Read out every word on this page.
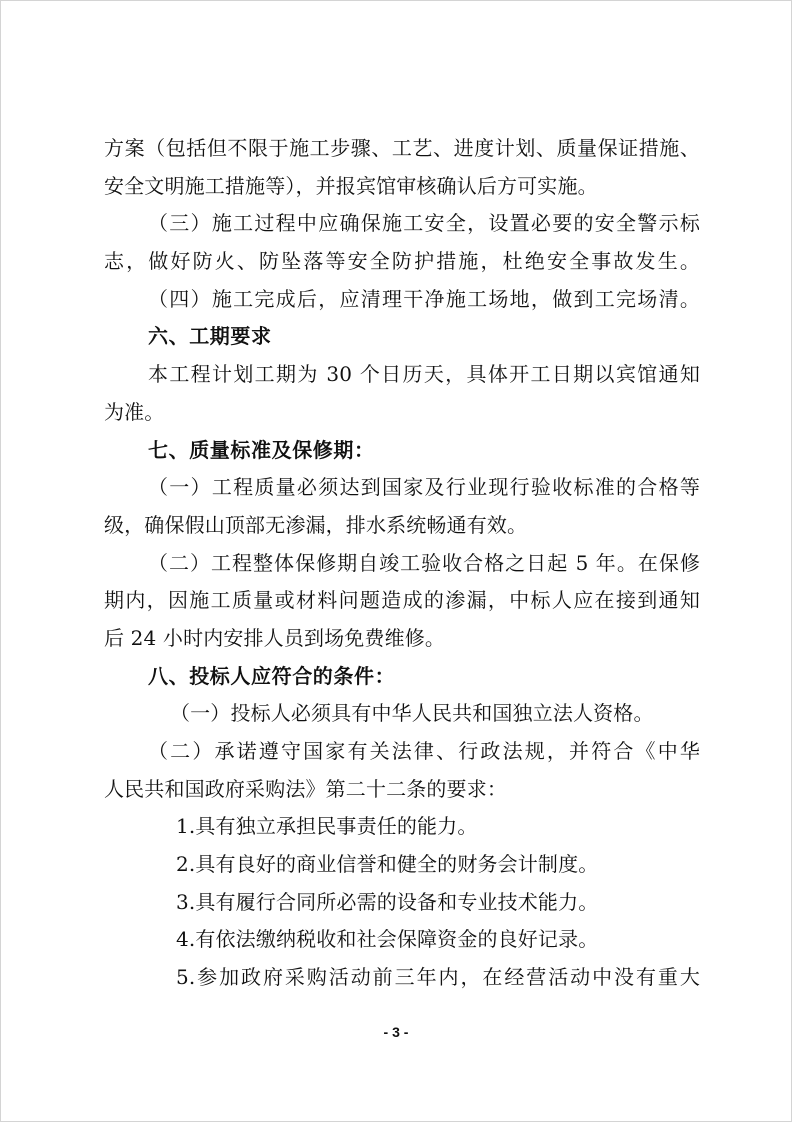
方案（包括但不限于施工步骤、工艺、进度计划、质量保证措施、
安全文明施工措施等），并报宾馆审核确认后方可实施。
（三）施工过程中应确保施工安全，设置必要的安全警示标
志，做好防火、防坠落等安全防护措施，杜绝安全事故发生。
（四）施工完成后，应清理干净施工场地，做到工完场清。
六、工期要求
本工程计划工期为 30 个日历天，具体开工日期以宾馆通知
为准。
七、质量标准及保修期：
（一）工程质量必须达到国家及行业现行验收标准的合格等
级，确保假山顶部无渗漏，排水系统畅通有效。
（二）工程整体保修期自竣工验收合格之日起 5 年。在保修
期内，因施工质量或材料问题造成的渗漏，中标人应在接到通知
后 24 小时内安排人员到场免费维修。
八、投标人应符合的条件：
（一）投标人必须具有中华人民共和国独立法人资格。
（二）承诺遵守国家有关法律、行政法规，并符合《中华
人民共和国政府采购法》第二十二条的要求：
1.具有独立承担民事责任的能力。
2.具有良好的商业信誉和健全的财务会计制度。
3.具有履行合同所必需的设备和专业技术能力。
4.有依法缴纳税收和社会保障资金的良好记录。
5.参加政府采购活动前三年内，在经营活动中没有重大
- 3 -
